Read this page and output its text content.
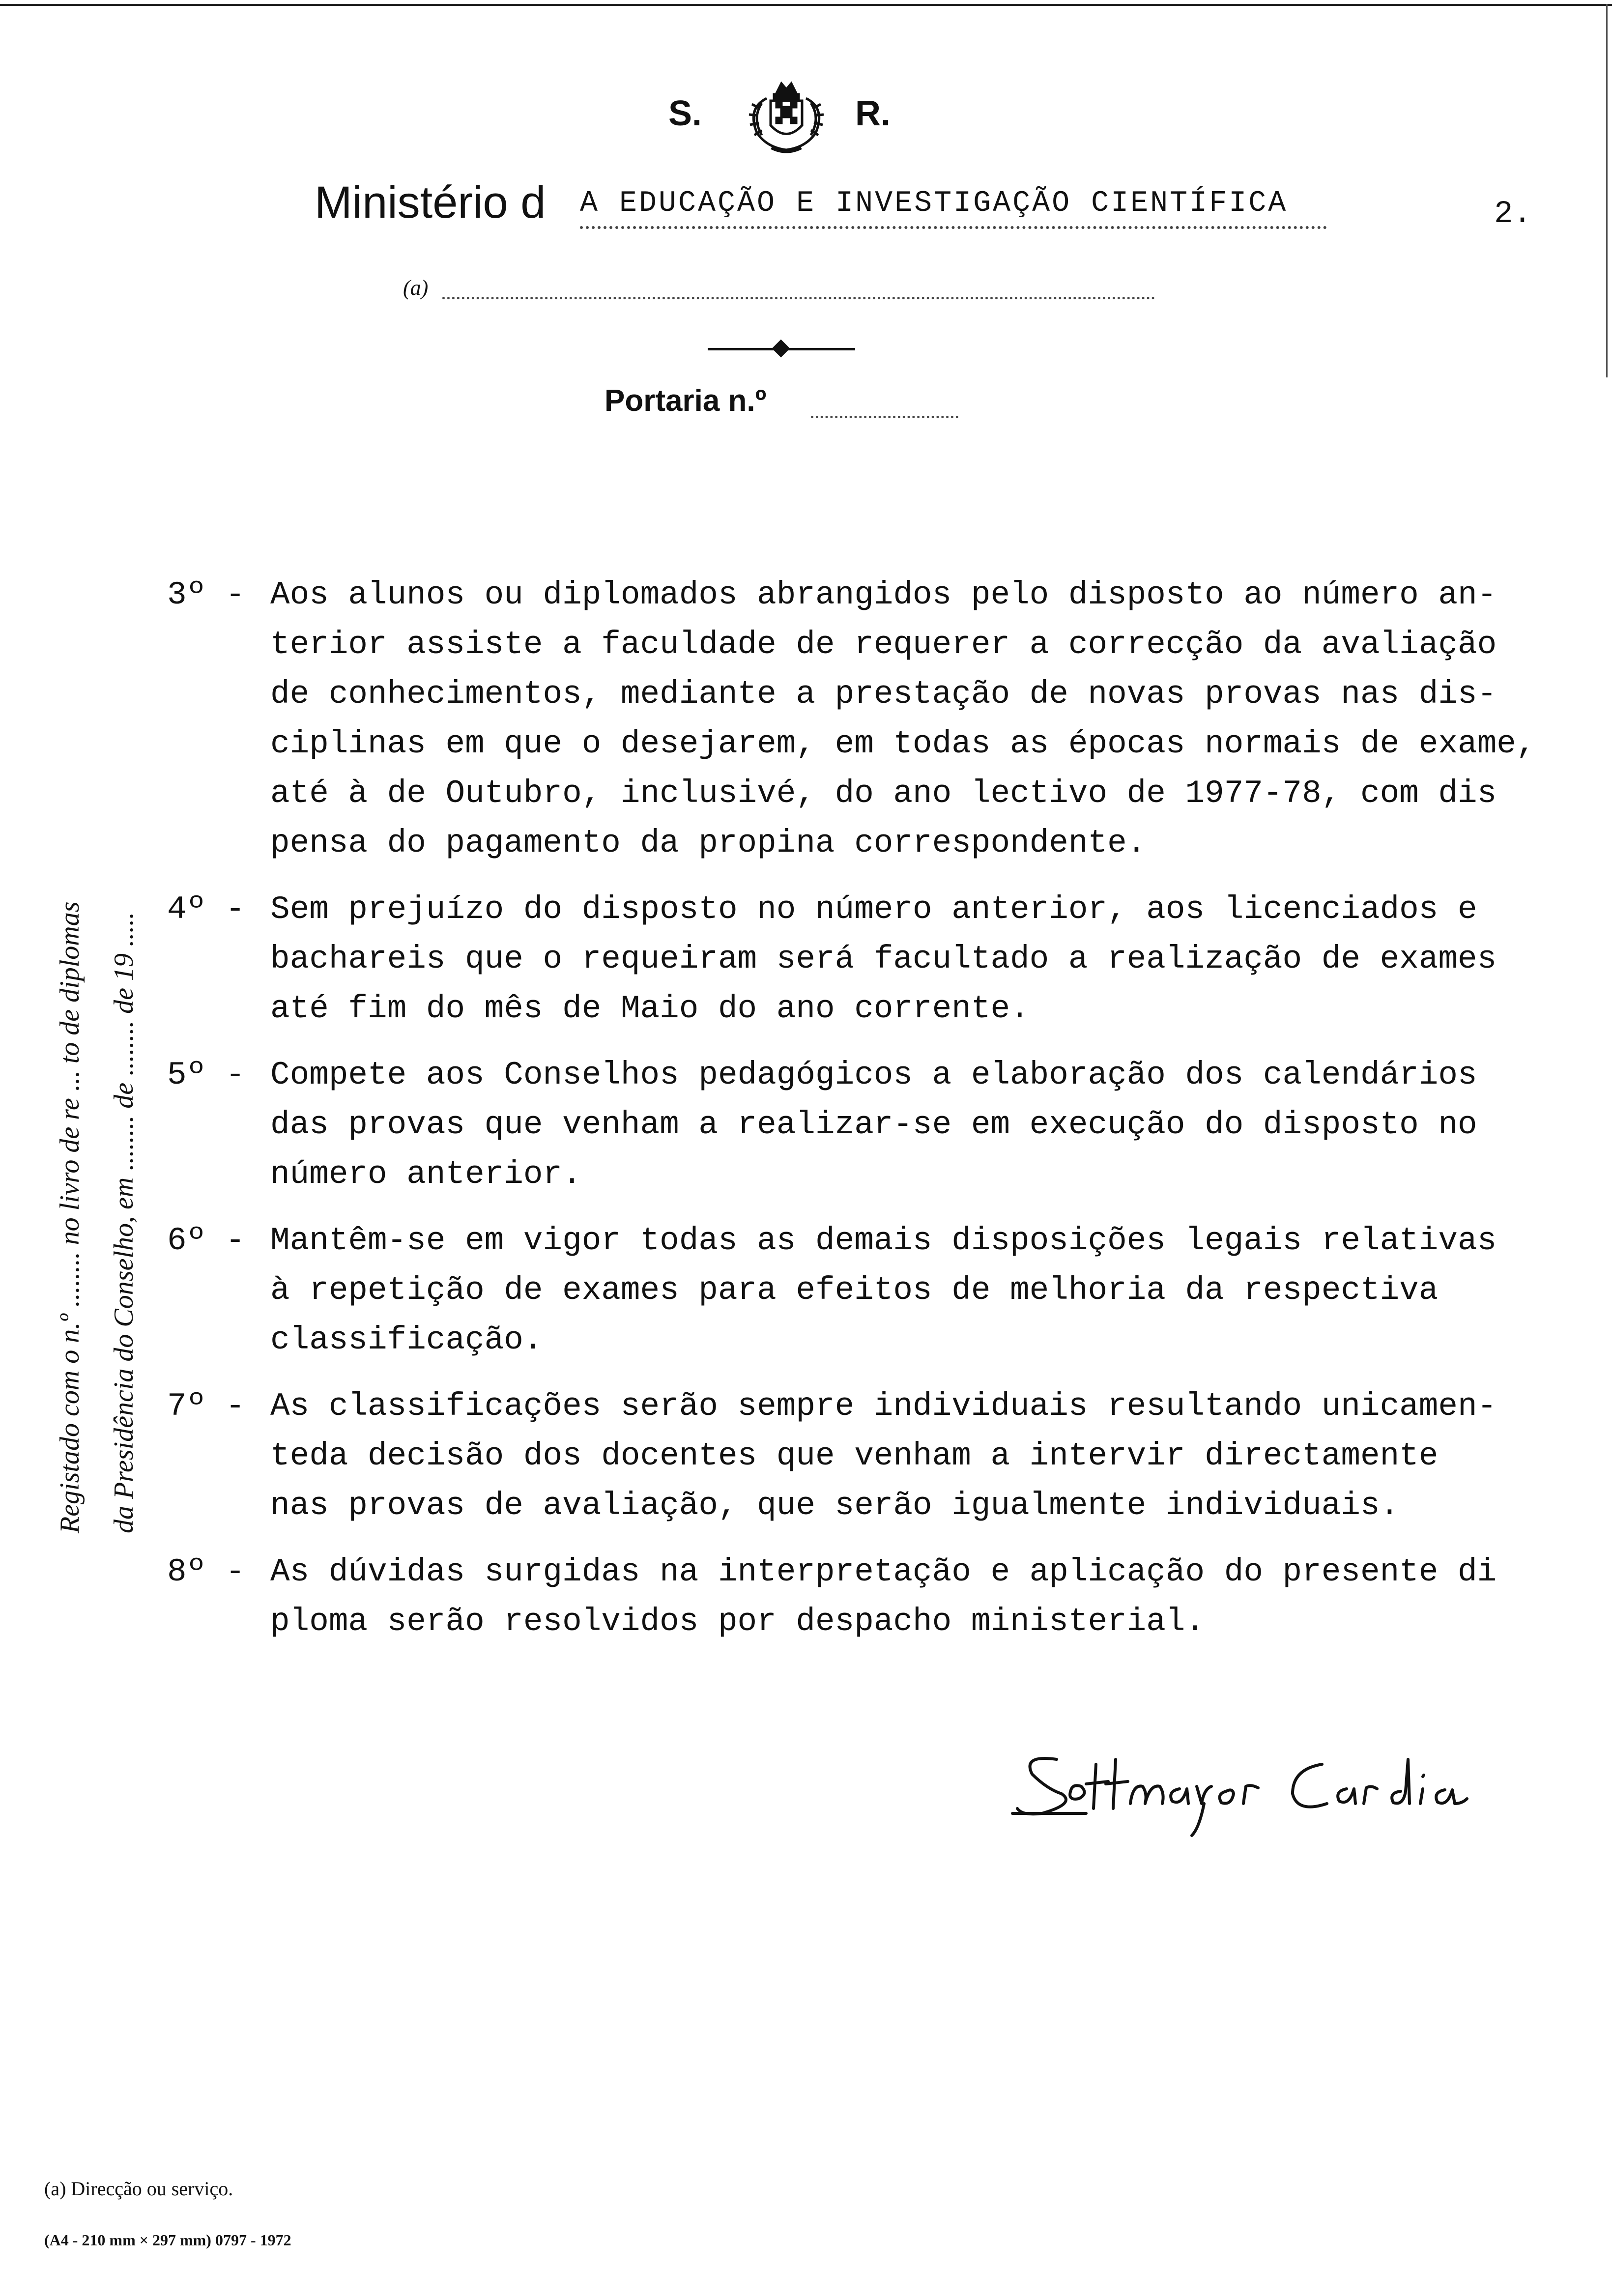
S.	R.
Ministério d A EDUCAÇÃO E INVESTIGAÇÃO CIENTÍFICA	2.
(a)
Portaria n.º
Registado com o n.º ........ no livro de re ... to de diplomas da Presidência do Conselho, em ........ de ........ de 19 .....
3º - Aos alunos ou diplomados abrangidos pelo disposto ao número an-
terior assiste a faculdade de requerer a correcção da avaliação
de conhecimentos, mediante a prestação de novas provas nas dis-
ciplinas em que o desejarem, em todas as épocas normais de exame,
até à de Outubro, inclusivé, do ano lectivo de 1977-78, com dis
pensa do pagamento da propina correspondente.
4º - Sem prejuízo do disposto no número anterior, aos licenciados e
bachareis que o requeiram será facultado a realização de exames
até fim do mês de Maio do ano corrente.
5º - Compete aos Conselhos pedagógicos a elaboração dos calendários
das provas que venham a realizar-se em execução do disposto no
número anterior.
6º - Mantêm-se em vigor todas as demais disposições legais relativas
à repetição de exames para efeitos de melhoria da respectiva
classificação.
7º - As classificações serão sempre individuais resultando unicamen-
teda decisão dos docentes que venham a intervir directamente
nas provas de avaliação, que serão igualmente individuais.
8º - As dúvidas surgidas na interpretação e aplicação do presente di
ploma serão resolvidos por despacho ministerial.
(a) Direcção ou serviço.
(A4 - 210 mm × 297 mm) 0797 - 1972
